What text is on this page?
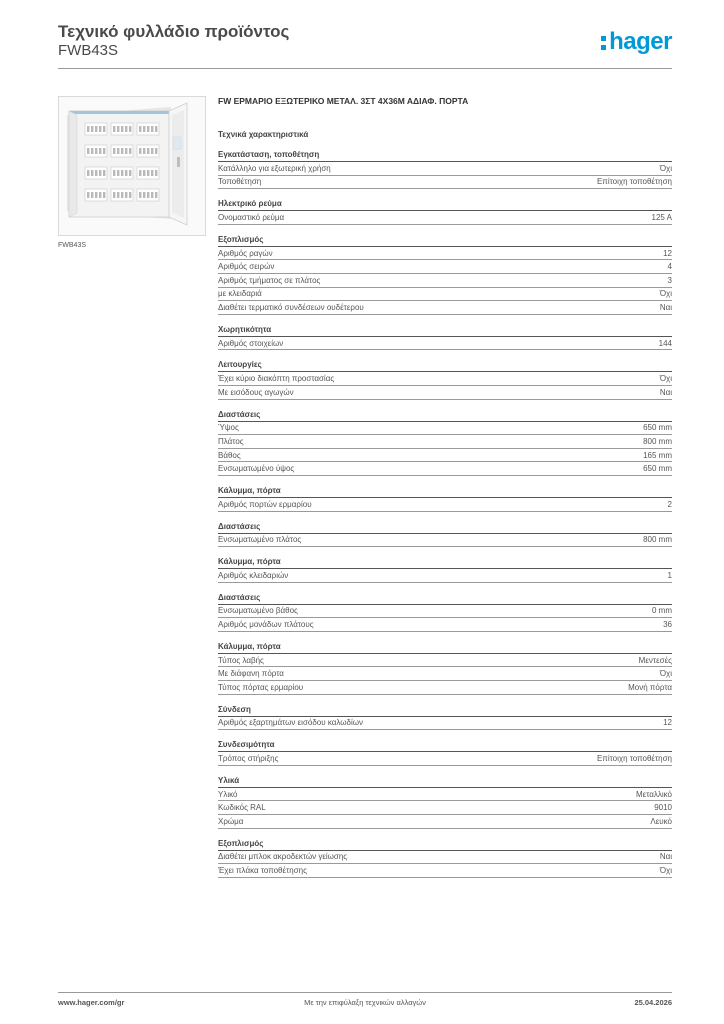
Τεχνικό φυλλάδιο προϊόντος
FWB43S	hager
FWB43S
FW ΕΡΜΑΡΙΟ ΕΞΩΤΕΡΙΚΟ ΜΕΤΑΛ. 3ΣΤ 4Χ36Μ ΑΔΙΑΦ. ΠΟΡΤΑ
Τεχνικά χαρακτηριστικά
Εγκατάσταση, τοποθέτηση
Κατάλληλο για εξωτερική χρήση	Όχι
Τοποθέτηση	Επίτοιχη τοποθέτηση
Ηλεκτρικό ρεύμα
Ονομαστικό ρεύμα	125 A
Εξοπλισμός
Αριθμός ραγών	12
Αριθμός σειρών	4
Αριθμός τμήματος σε πλάτος	3
με κλειδαριά	Όχι
Διαθέτει τερματικό συνδέσεων ουδέτερου	Ναι
Χωρητικότητα
Αριθμός στοιχείων	144
Λειτουργίες
Έχει κύριο διακόπτη προστασίας	Όχι
Με εισόδους αγωγών	Ναι
Διαστάσεις
Ύψος	650 mm
Πλάτος	800 mm
Βάθος	165 mm
Ενσωματωμένο ύψος	650 mm
Κάλυμμα, πόρτα
Αριθμός πορτών ερμαρίου	2
Διαστάσεις
Ενσωματωμένο πλάτος	800 mm
Κάλυμμα, πόρτα
Αριθμός κλειδαριών	1
Διαστάσεις
Ενσωματωμένο βάθος	0 mm
Αριθμός μονάδων πλάτους	36
Κάλυμμα, πόρτα
Τύπος λαβής	Μεντεσές
Με διάφανη πόρτα	Όχι
Τύπος πόρτας ερμαρίου	Μονή πόρτα
Σύνδεση
Αριθμός εξαρτημάτων εισόδου καλωδίων	12
Συνδεσιμότητα
Τρόπος στήριξης	Επίτοιχη τοποθέτηση
Υλικά
Υλικό	Μεταλλικό
Κωδικός RAL	9010
Χρώμα	Λευκό
Εξοπλισμός
Διαθέτει μπλοκ ακροδεκτών γείωσης	Ναι
Έχει πλάκα τοποθέτησης	Όχι
www.hager.com/gr	Με την επιφύλαξη τεχνικών αλλαγών	25.04.2026
